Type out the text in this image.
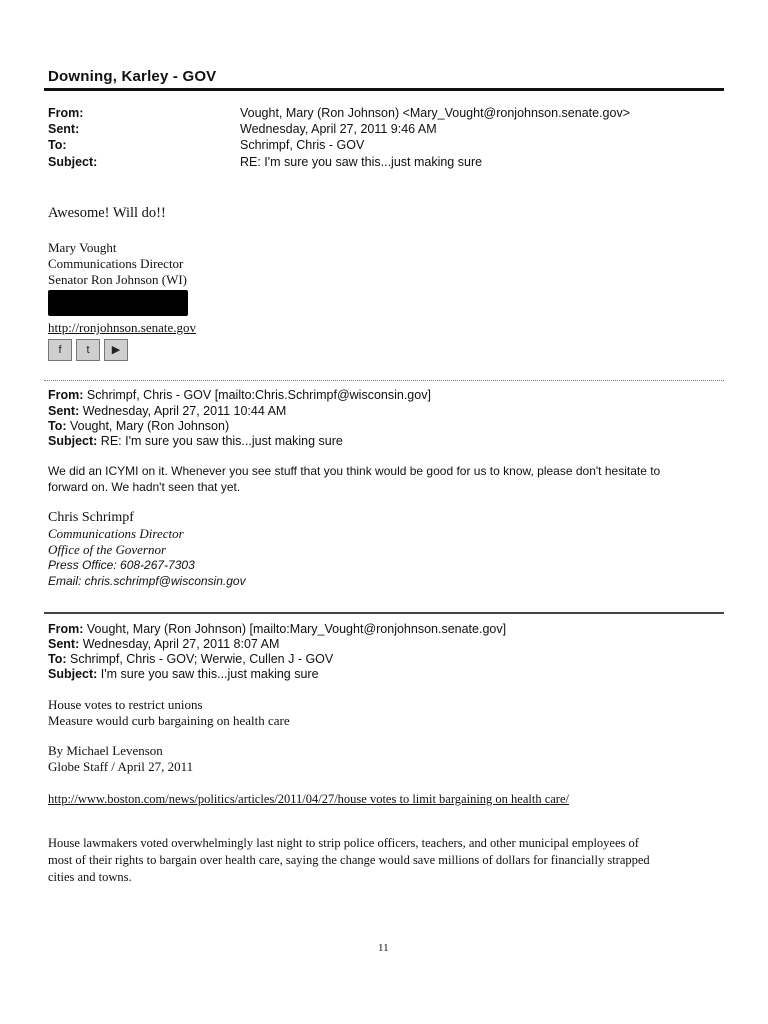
Downing, Karley - GOV
From:
Sent:
To:
Subject:
Vought, Mary (Ron Johnson) <Mary_Vought@ronjohnson.senate.gov>
Wednesday, April 27, 2011 9:46 AM
Schrimpf, Chris - GOV
RE: I'm sure you saw this...just making sure
Awesome! Will do!!
Mary Vought
Communications Director
Senator Ron Johnson (WI)
http://ronjohnson.senate.gov
f	t	▶
From: Schrimpf, Chris - GOV [mailto:Chris.Schrimpf@wisconsin.gov]
Sent: Wednesday, April 27, 2011 10:44 AM
To: Vought, Mary (Ron Johnson)
Subject: RE: I'm sure you saw this...just making sure
We did an ICYMI on it. Whenever you see stuff that you think would be good for us to know, please don't hesitate to
forward on. We hadn't seen that yet.
Chris Schrimpf
Communications Director
Office of the Governor
Press Office: 608-267-7303
Email: chris.schrimpf@wisconsin.gov
From: Vought, Mary (Ron Johnson) [mailto:Mary_Vought@ronjohnson.senate.gov]
Sent: Wednesday, April 27, 2011 8:07 AM
To: Schrimpf, Chris - GOV; Werwie, Cullen J - GOV
Subject: I'm sure you saw this...just making sure
House votes to restrict unions
Measure would curb bargaining on health care
By Michael Levenson
Globe Staff / April 27, 2011
http://www.boston.com/news/politics/articles/2011/04/27/house votes to limit bargaining on health care/
House lawmakers voted overwhelmingly last night to strip police officers, teachers, and other municipal employees of
most of their rights to bargain over health care, saying the change would save millions of dollars for financially strapped
cities and towns.
11
